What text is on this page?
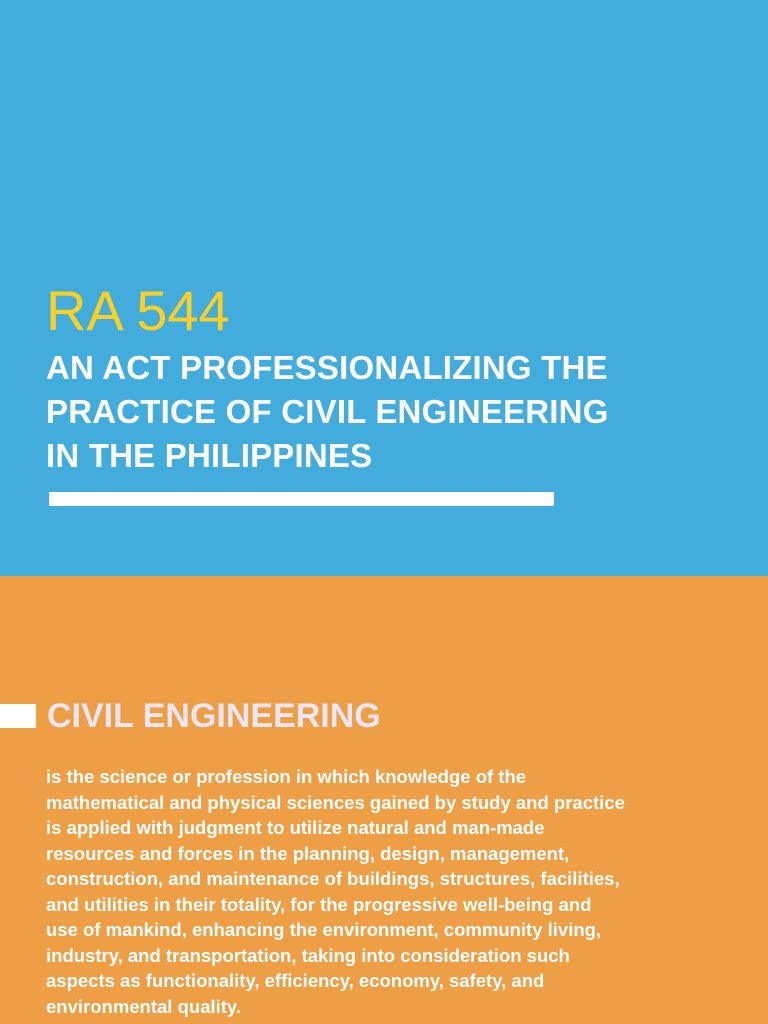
RA 544
AN ACT PROFESSIONALIZING THE
PRACTICE OF CIVIL ENGINEERING
IN THE PHILIPPINES
CIVIL ENGINEERING

is the science or profession in which knowledge of the
mathematical and physical sciences gained by study and practice
is applied with judgment to utilize natural and man-made
resources and forces in the planning, design, management,
construction, and maintenance of buildings, structures, facilities,
and utilities in their totality, for the progressive well-being and
use of mankind, enhancing the environment, community living,
industry, and transportation, taking into consideration such
aspects as functionality, efficiency, economy, safety, and
environmental quality.
